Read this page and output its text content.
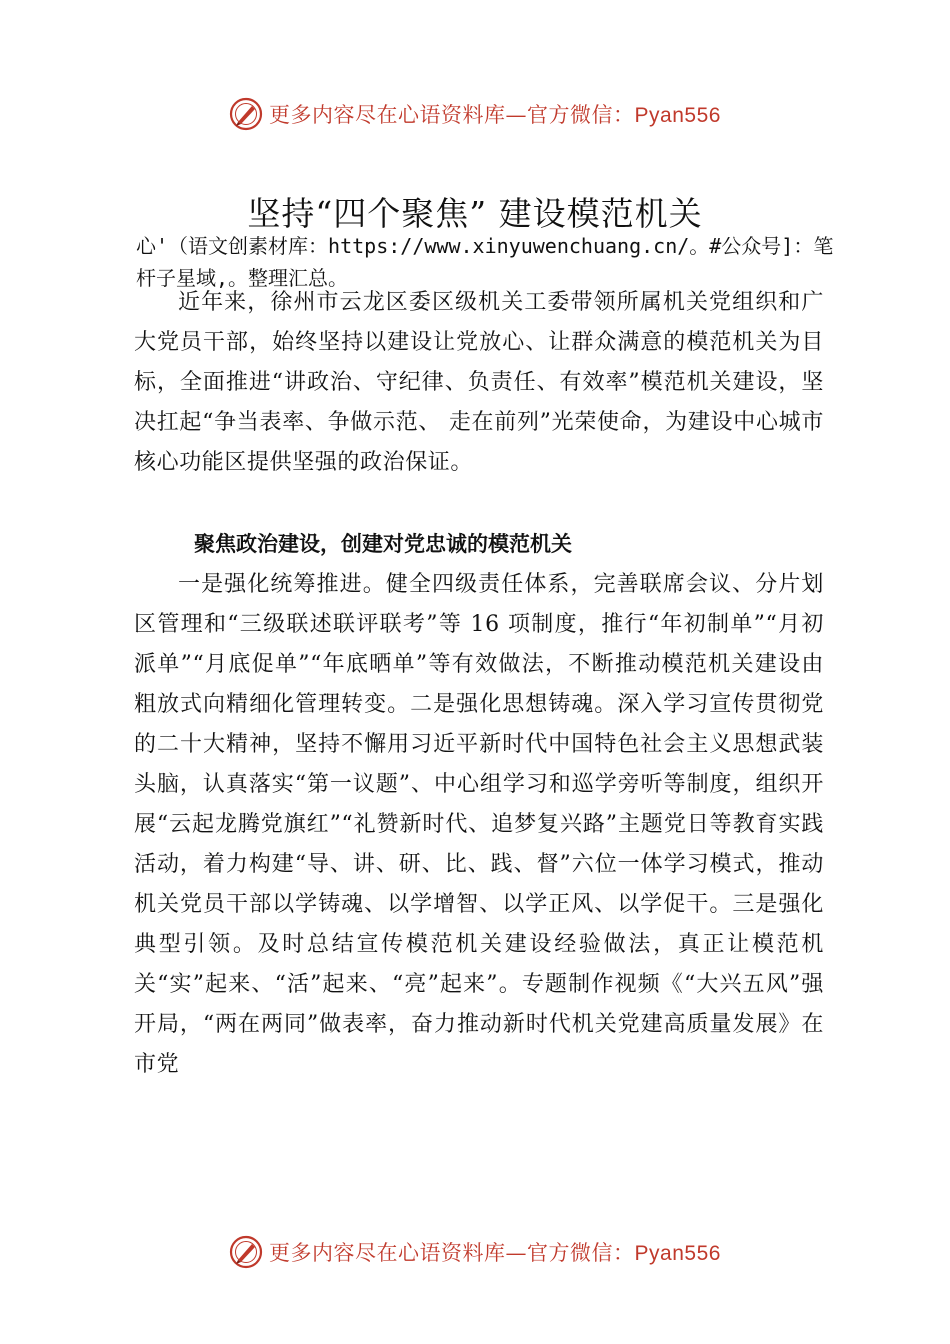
更多内容尽在心语资料库—官方微信：Pyan556
坚持“四个聚焦” 建设模范机关
心'（语文创素材库：https://www.xinyuwenchuang.cn/。#公众号]：笔杆子星域,。整理汇总。
近年来，徐州市云龙区委区级机关工委带领所属机关党组织和广大党员干部，始终坚持以建设让党放心、让群众满意的模范机关为目标，全面推进“讲政治、守纪律、负责任、有效率”模范机关建设，坚决扛起“争当表率、争做示范、 走在前列”光荣使命，为建设中心城市核心功能区提供坚强的政治保证。
聚焦政治建设，创建对党忠诚的模范机关
一是强化统筹推进。健全四级责任体系，完善联席会议、分片划区管理和“三级联述联评联考”等 16 项制度，推行“年初制单”“月初派单”“月底促单”“年底晒单”等有效做法，不断推动模范机关建设由粗放式向精细化管理转变。二是强化思想铸魂。深入学习宣传贯彻党的二十大精神，坚持不懈用习近平新时代中国特色社会主义思想武装头脑，认真落实“第一议题”、中心组学习和巡学旁听等制度，组织开展“云起龙腾党旗红”“礼赞新时代、追梦复兴路”主题党日等教育实践活动，着力构建“导、讲、研、比、践、督”六位一体学习模式，推动机关党员干部以学铸魂、以学增智、以学正风、以学促干。三是强化典型引领。及时总结宣传模范机关建设经验做法，真正让模范机关“实”起来、“活”起来、“亮”起来”。专题制作视频《“大兴五风”强开局，“两在两同”做表率，奋力推动新时代机关党建高质量发展》在市党
更多内容尽在心语资料库—官方微信：Pyan556
